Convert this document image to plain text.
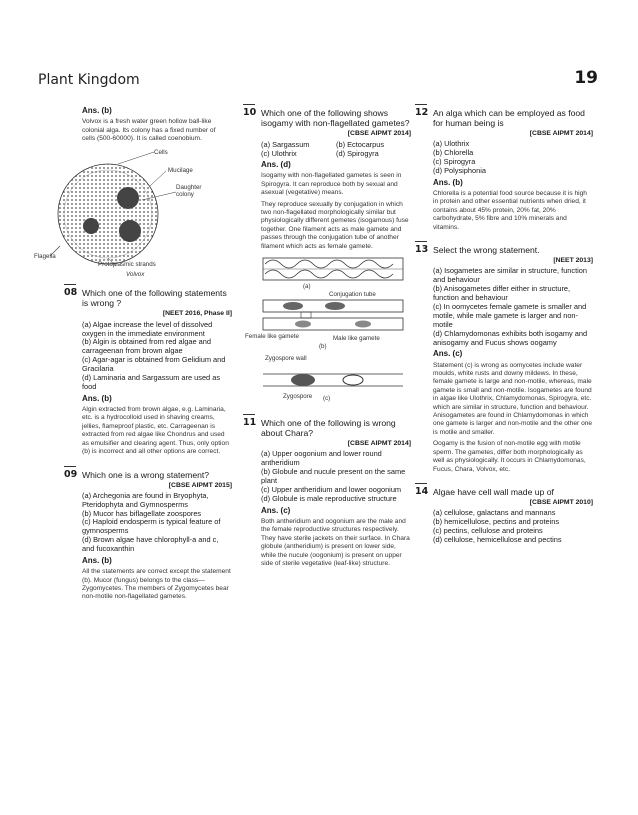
Plant Kingdom	19
Ans. (b)
Volvox is a fresh water green hollow ball-like colonial alga. Its colony has a fixed number of cells (500-60000). It is called coenobium.
Cells
Mucilage
Daughter colony
Flagella
Protoplasmic strands
Volvox
08 Which one of the following statements is wrong ?
[NEET 2016, Phase II]
(a) Algae increase the level of dissolved oxygen in the immediate environment
(b) Algin is obtained from red algae and carrageenan from brown algae
(c) Agar-agar is obtained from Gelidium and Gracilaria
(d) Laminaria and Sargassum are used as food
Ans. (b)
Algin extracted from brown algae, e.g. Laminaria, etc. is a hydrocolloid used in shaving creams, jellies, flameproof plastic, etc. Carrageenan is extracted from red algae like Chondrus and used as emulsifier and clearing agent. Thus, only option (b) is incorrect and all other options are correct.
09 Which one is a wrong statement?
[CBSE AIPMT 2015]
(a) Archegonia are found in Bryophyta, Pteridophyta and Gymnosperms
(b) Mucor has biflagellate zoospores
(c) Haploid endosperm is typical feature of gymnosperms
(d) Brown algae have chlorophyll-a and c, and fucoxanthin
Ans. (b)
All the statements are correct except the statement (b). Mucor (fungus) belongs to the class—Zygomycetes. The members of Zygomycetes bear non-motile non-flagellated gametes.
10 Which one of the following shows isogamy with non-flagellated gametes?
[CBSE AIPMT 2014]
(a) Sargassum	(b) Ectocarpus
(c) Ulothrix	(d) Spirogyra
Ans. (d)
Isogamy with non-flagellated gametes is seen in Spirogyra. It can reproduce both by sexual and asexual (vegetative) means.
They reproduce sexually by conjugation in which two non-flagellated morphologically similar but physiologically different gemetes (isogamous) fuse together. One filament acts as male gamete and passes through the conjugation tube of another filament which acts as female gamete.
(a)
Conjugation tube
Female like gamete	Male like gamete
(b)
Zygospore wall
Zygospore (c)
11 Which one of the following is wrong about Chara?
[CBSE AIPMT 2014]
(a) Upper oogonium and lower round antheridium
(b) Globule and nucule present on the same plant
(c) Upper antheridium and lower oogonium
(d) Globule is male reproductive structure
Ans. (c)
Both antheridium and oogonium are the male and the female reproductive structures respectively. They have sterile jackets on their surface. In Chara globule (antheridium) is present on lower side, while the nucule (oogonium) is present on upper side of sterile vegetative (leaf-like) structure.
12 An alga which can be employed as food for human being is
[CBSE AIPMT 2014]
(a) Ulothrix
(b) Chlorella
(c) Spirogyra
(d) Polysiphonia
Ans. (b)
Chlorella is a potential food source because it is high in protein and other essential nutrients when dried, it contains about 45% protein, 20% fat, 20% carbohydrate, 5% fibre and 10% minerals and vitamins.
13 Select the wrong statement.
[NEET 2013]
(a) Isogametes are similar in structure, function and behaviour
(b) Anisogametes differ either in structure, function and behaviour
(c) In oomycetes female gamete is smaller and motile, while male gamete is larger and non-motile
(d) Chlamydomonas exhibits both isogamy and anisogamy and Fucus shows oogamy
Ans. (c)
Statement (c) is wrong as oomycetes include water moulds, white rusts and downy mildews. In these, female gamete is large and non-motile, whereas, male gamete is small and non-motile. Isogametes are found in algae like Ulothrix, Chlamydomonas, Spirogyra, etc. which are similar in structure, function and behaviour. Anisogametes are found in Chlamydomonas in which one gamete is larger and non-motile and the other one is motile and smaller.
Oogamy is the fusion of non-motile egg with motile sperm. The gametes, differ both morphologically as well as physiologically. It occurs in Chlamydomonas, Fucus, Chara, Volvox, etc.
14 Algae have cell wall made up of
[CBSE AIPMT 2010]
(a) cellulose, galactans and mannans
(b) hemicellulose, pectins and proteins
(c) pectins, cellulose and proteins
(d) cellulose, hemicellulose and pectins
